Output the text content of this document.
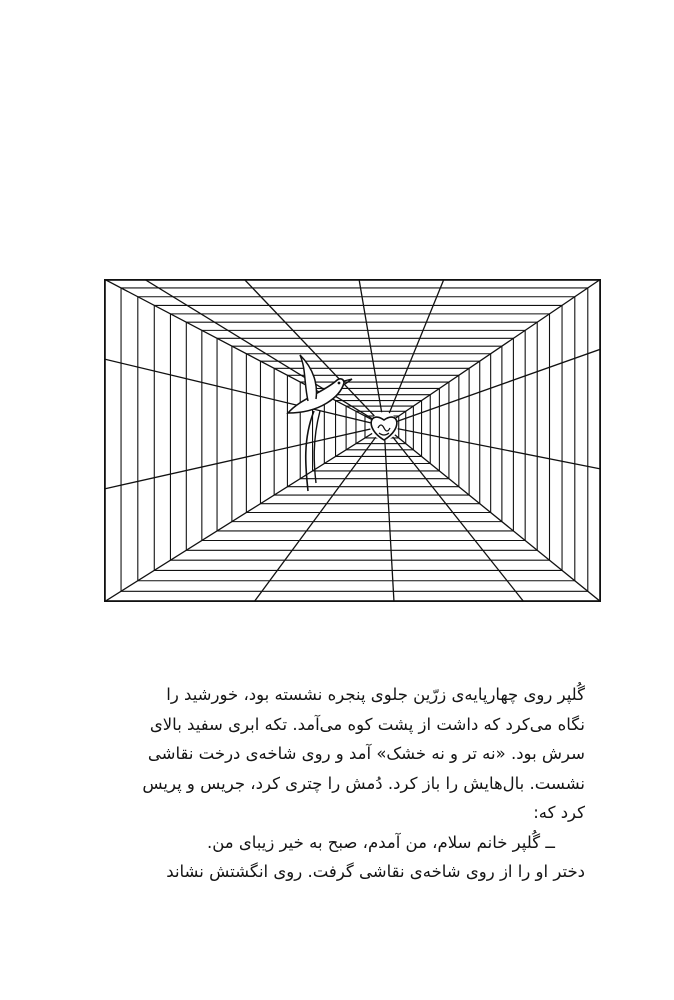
گُلپر روی چهارپایه‌ی زرّین جلوی پنجره نشسته بود، خورشید را
نگاه می‌کرد که داشت از پشت کوه می‌آمد. تکه ابری سفید بالای
سرش بود. «نه تر و نه خشک» آمد و روی شاخه‌ی درخت نقاشی
نشست. بال‌هایش را باز کرد. دُمش را چتری کرد، جریس و پریس
کرد که:
ــ گُلپر خانم سلام، من آمدم، صبح به خیر زیبای من.
دختر او را از روی شاخه‌ی نقاشی گرفت. روی انگشتش نشاند
